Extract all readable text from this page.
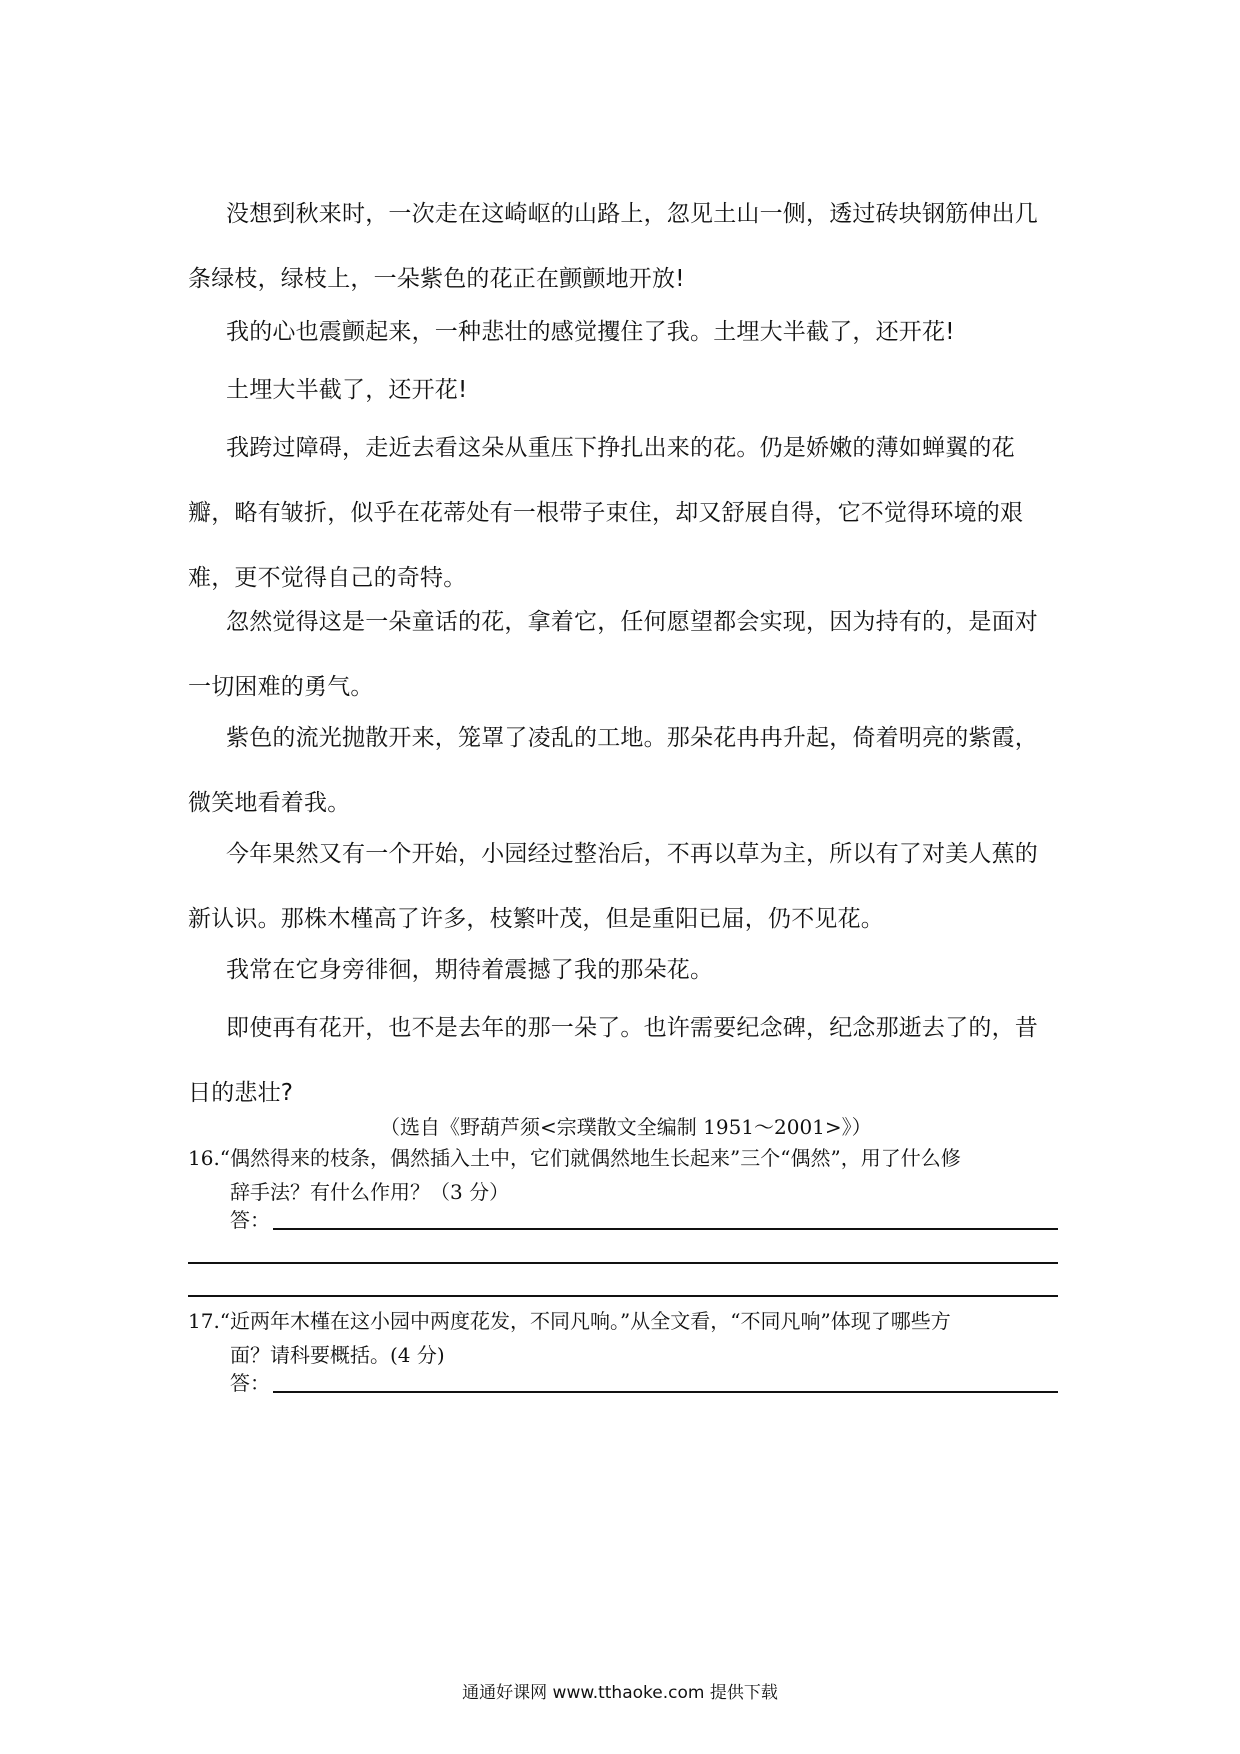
没想到秋来时，一次走在这崎岖的山路上，忽见土山一侧，透过砖块钢筋伸出几条绿枝，绿枝上，一朵紫色的花正在颤颤地开放!

我的心也震颤起来，一种悲壮的感觉攫住了我。土埋大半截了，还开花!

土埋大半截了，还开花!

我跨过障碍，走近去看这朵从重压下挣扎出来的花。仍是娇嫩的薄如蝉翼的花瓣，略有皱折，似乎在花蒂处有一根带子束住，却又舒展自得，它不觉得环境的艰难，更不觉得自己的奇特。

忽然觉得这是一朵童话的花，拿着它，任何愿望都会实现，因为持有的，是面对一切困难的勇气。

紫色的流光抛散开来，笼罩了凌乱的工地。那朵花冉冉升起，倚着明亮的紫霞，微笑地看着我。

今年果然又有一个开始，小园经过整治后，不再以草为主，所以有了对美人蕉的新认识。那株木槿高了许多，枝繁叶茂，但是重阳已届，仍不见花。

我常在它身旁徘徊，期待着震撼了我的那朵花。

即使再有花开，也不是去年的那一朵了。也许需要纪念碑，纪念那逝去了的，昔日的悲壮?

（选自《野葫芦须<宗璞散文全编制 1951～2001>》）
16.“偶然得来的枝条，偶然插入土中，它们就偶然地生长起来”三个“偶然”，用了什么修
辞手法？有什么作用？（3 分）
答：
17.“近两年木槿在这小园中两度花发，不同凡响。”从全文看，“不同凡响”体现了哪些方
面？请科要概括。(4 分)
答：
通通好课网 www.tthaoke.com 提供下载
